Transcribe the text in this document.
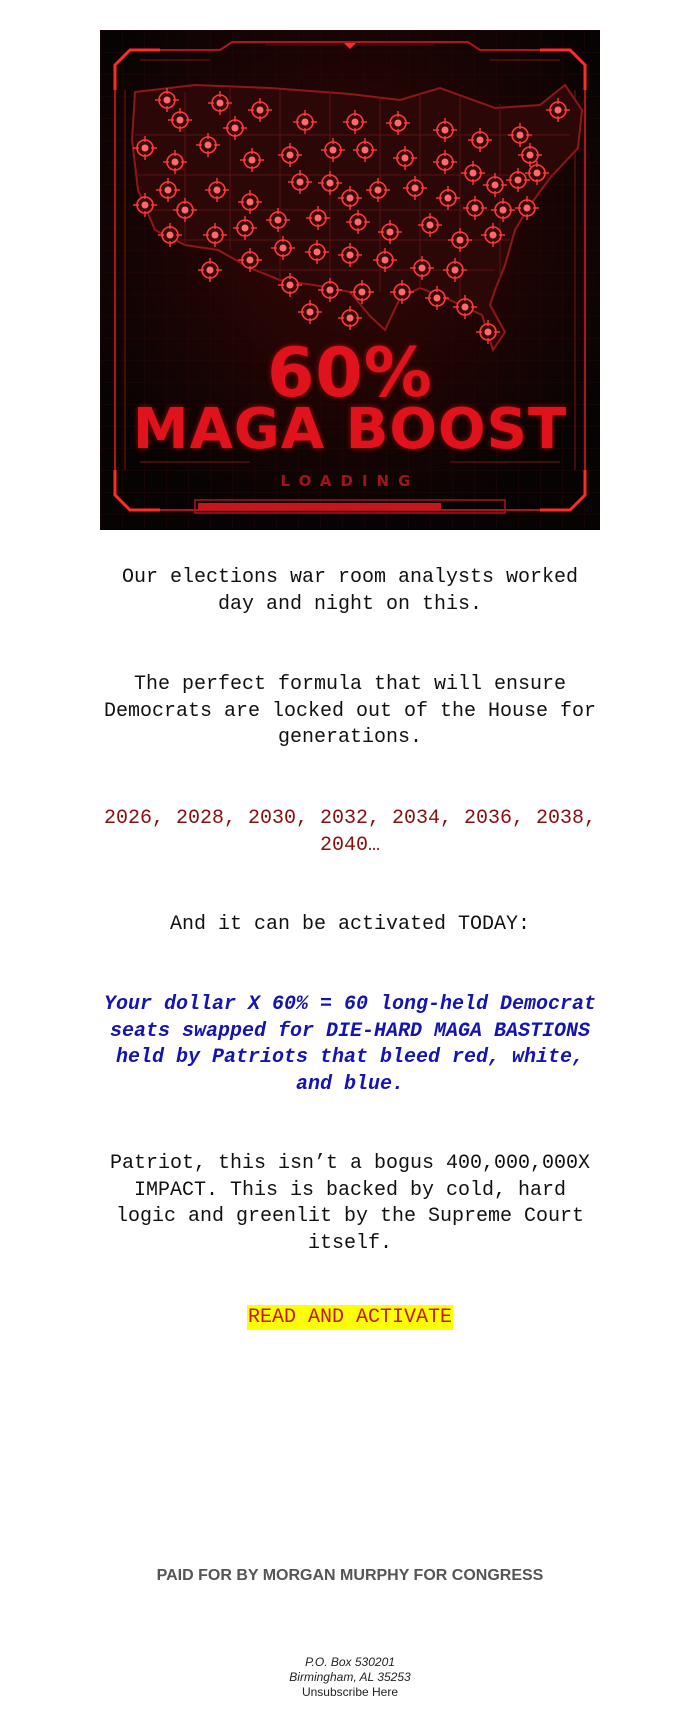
60%
MAGA BOOST
LOADING
Our elections war room analysts worked day and night on this.
The perfect formula that will ensure Democrats are locked out of the House for generations.
2026, 2028, 2030, 2032, 2034, 2036, 2038, 2040…
And it can be activated TODAY:
Your dollar X 60% = 60 long-held Democrat seats swapped for DIE-HARD MAGA BASTIONS held by Patriots that bleed red, white, and blue.
Patriot, this isn’t a bogus 400,000,000X IMPACT. This is backed by cold, hard logic and greenlit by the Supreme Court itself.
READ AND ACTIVATE
PAID FOR BY MORGAN MURPHY FOR CONGRESS
P.O. Box 530201
Birmingham, AL 35253
Unsubscribe Here
